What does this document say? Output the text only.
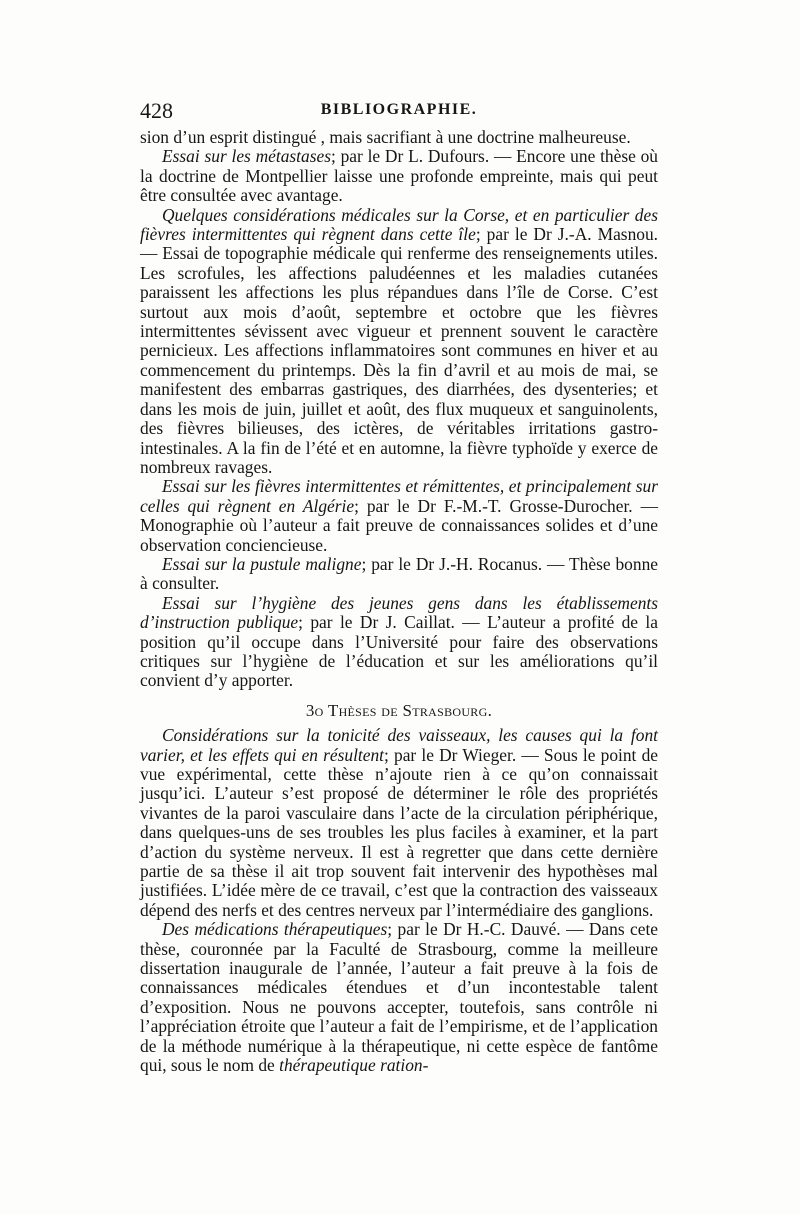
428	BIBLIOGRAPHIE.

sion d’un esprit distingué , mais sacrifiant à une doctrine malheureuse.

Essai sur les métastases; par le Dr L. Dufours. — Encore une thèse où la doctrine de Montpellier laisse une profonde empreinte, mais qui peut être consultée avec avantage.

Quelques considérations médicales sur la Corse, et en particulier des fièvres intermittentes qui règnent dans cette île; par le Dr J.-A. Masnou. — Essai de topographie médicale qui renferme des renseignements utiles. Les scrofules, les affections paludéennes et les maladies cutanées paraissent les affections les plus répandues dans l’île de Corse. C’est surtout aux mois d’août, septembre et octobre que les fièvres intermittentes sévissent avec vigueur et prennent souvent le caractère pernicieux. Les affections inflammatoires sont communes en hiver et au commencement du printemps. Dès la fin d’avril et au mois de mai, se manifestent des embarras gastriques, des diarrhées, des dysenteries; et dans les mois de juin, juillet et août, des flux muqueux et sanguinolents, des fièvres bilieuses, des ictères, de véritables irritations gastro-intestinales. A la fin de l’été et en automne, la fièvre typhoïde y exerce de nombreux ravages.

Essai sur les fièvres intermittentes et rémittentes, et principalement sur celles qui règnent en Algérie; par le Dr F.-M.-T. Grosse-Durocher. — Monographie où l’auteur a fait preuve de connaissances solides et d’une observation conciencieuse.

Essai sur la pustule maligne; par le Dr J.-H. Rocanus. — Thèse bonne à consulter.

Essai sur l’hygiène des jeunes gens dans les établissements d’instruction publique; par le Dr J. Caillat. — L’auteur a profité de la position qu’il occupe dans l’Université pour faire des observations critiques sur l’hygiène de l’éducation et sur les améliorations qu’il convient d’y apporter.

3o Thèses de Strasbourg.

Considérations sur la tonicité des vaisseaux, les causes qui la font varier, et les effets qui en résultent; par le Dr Wieger. — Sous le point de vue expérimental, cette thèse n’ajoute rien à ce qu’on connaissait jusqu’ici. L’auteur s’est proposé de déterminer le rôle des propriétés vivantes de la paroi vasculaire dans l’acte de la circulation périphérique, dans quelques-uns de ses troubles les plus faciles à examiner, et la part d’action du système nerveux. Il est à regretter que dans cette dernière partie de sa thèse il ait trop souvent fait intervenir des hypothèses mal justifiées. L’idée mère de ce travail, c’est que la contraction des vaisseaux dépend des nerfs et des centres nerveux par l’intermédiaire des ganglions.

Des médications thérapeutiques; par le Dr H.-C. Dauvé. — Dans cete thèse, couronnée par la Faculté de Strasbourg, comme la meilleure dissertation inaugurale de l’année, l’auteur a fait preuve à la fois de connaissances médicales étendues et d’un incontestable talent d’exposition. Nous ne pouvons accepter, toutefois, sans contrôle ni l’appréciation étroite que l’auteur a fait de l’empirisme, et de l’application de la méthode numérique à la thérapeutique, ni cette espèce de fantôme qui, sous le nom de thérapeutique ration-
